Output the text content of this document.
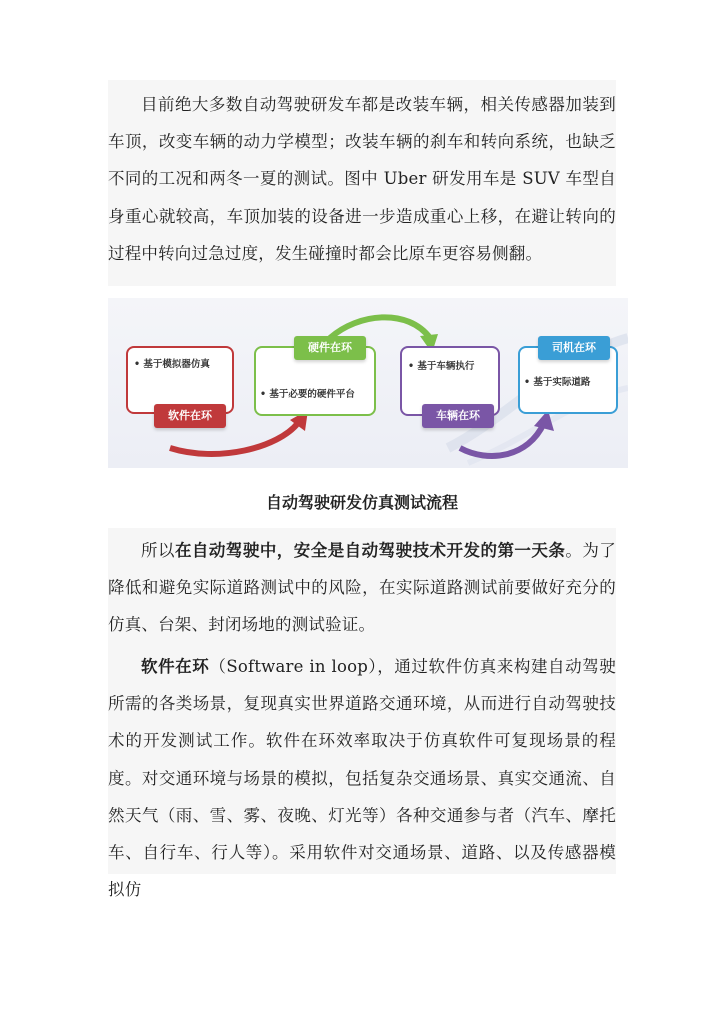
目前绝大多数自动驾驶研发车都是改装车辆，相关传感器加装到车顶，改变车辆的动力学模型；改装车辆的刹车和转向系统，也缺乏不同的工况和两冬一夏的测试。图中 Uber 研发用车是 SUV 车型自身重心就较高，车顶加装的设备进一步造成重心上移，在避让转向的过程中转向过急过度，发生碰撞时都会比原车更容易侧翻。

• 基于模拟器仿真
软件在环
• 基于必要的硬件平台
硬件在环
• 基于车辆执行
车辆在环
• 基于实际道路
司机在环
自动驾驶研发仿真测试流程

所以在自动驾驶中，安全是自动驾驶技术开发的第一天条。为了降低和避免实际道路测试中的风险，在实际道路测试前要做好充分的仿真、台架、封闭场地的测试验证。

软件在环（Software in loop），通过软件仿真来构建自动驾驶所需的各类场景，复现真实世界道路交通环境，从而进行自动驾驶技术的开发测试工作。软件在环效率取决于仿真软件可复现场景的程度。对交通环境与场景的模拟，包括复杂交通场景、真实交通流、自然天气（雨、雪、雾、夜晚、灯光等）各种交通参与者（汽车、摩托车、自行车、行人等）。采用软件对交通场景、道路、以及传感器模拟仿
